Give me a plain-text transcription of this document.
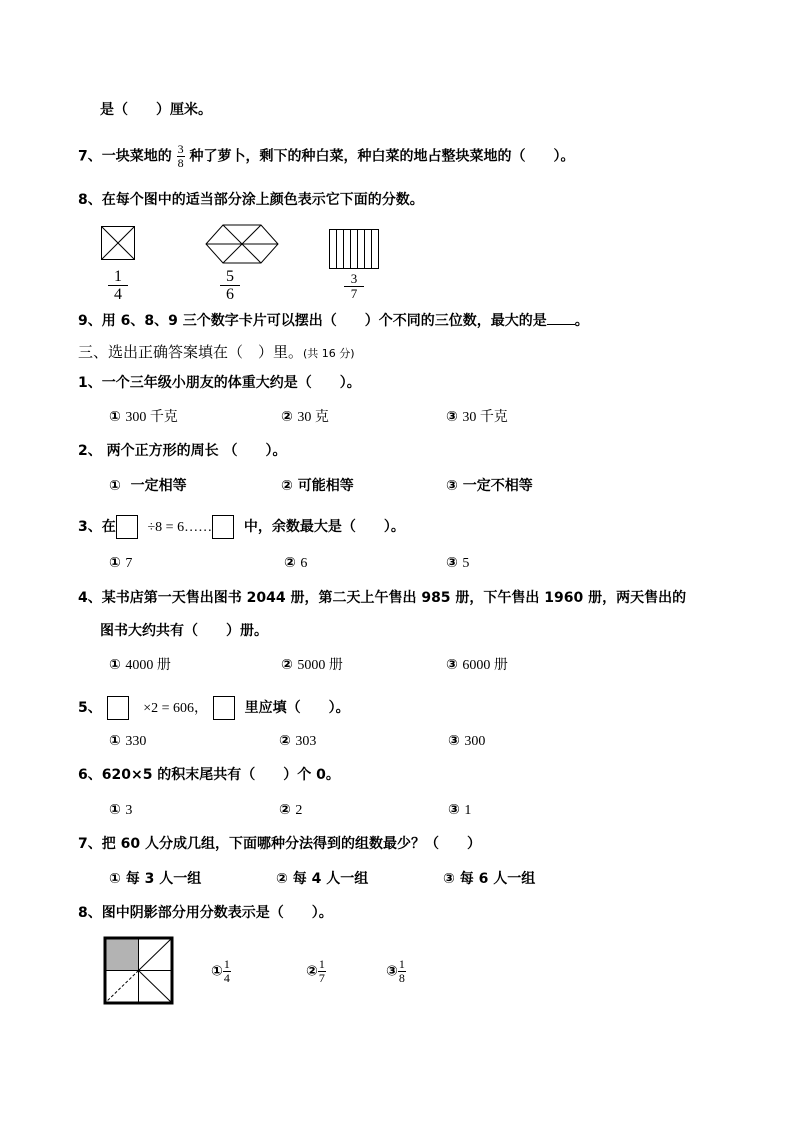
是（　　）厘米。
7、一块菜地的 $\frac{3}{8}$ 种了萝卜，剩下的种白菜，种白菜的地占整块菜地的（　　）。
8、在每个图中的适当部分涂上颜色表示它下面的分数。
1
4
5
6
3
7
9、用 6、8、9 三个数字卡片可以摆出（　　）个不同的三位数，最大的是 。
三、选出正确答案填在（　）里。(共 16 分)
1、一个三年级小朋友的体重大约是（　　）。
① 300 千克	② 30 克	③ 30 千克
2、 两个正方形的周长 （　　）。
① 一定相等	② 可能相等	③ 一定不相等
3、在 ÷8 = 6…… 中，余数最大是（　　）。
① 7	② 6	③ 5
4、某书店第一天售出图书 2044 册，第二天上午售出 985 册，下午售出 1960 册，两天售出的
图书大约共有（　　）册。
① 4000 册	② 5000 册	③ 6000 册
5、	×2 = 606，	里应填（　　）。
① 330	② 303	③ 300
6、620×5 的积末尾共有（　　）个 0。
① 3	② 2	③ 1
7、把 60 人分成几组，下面哪种分法得到的组数最少？（　　）
① 每 3 人一组	② 每 4 人一组	③ 每 6 人一组
8、图中阴影部分用分数表示是（　　）。
① $\frac{1}{4}$	② $\frac{1}{7}$	③ $\frac{1}{8}$
